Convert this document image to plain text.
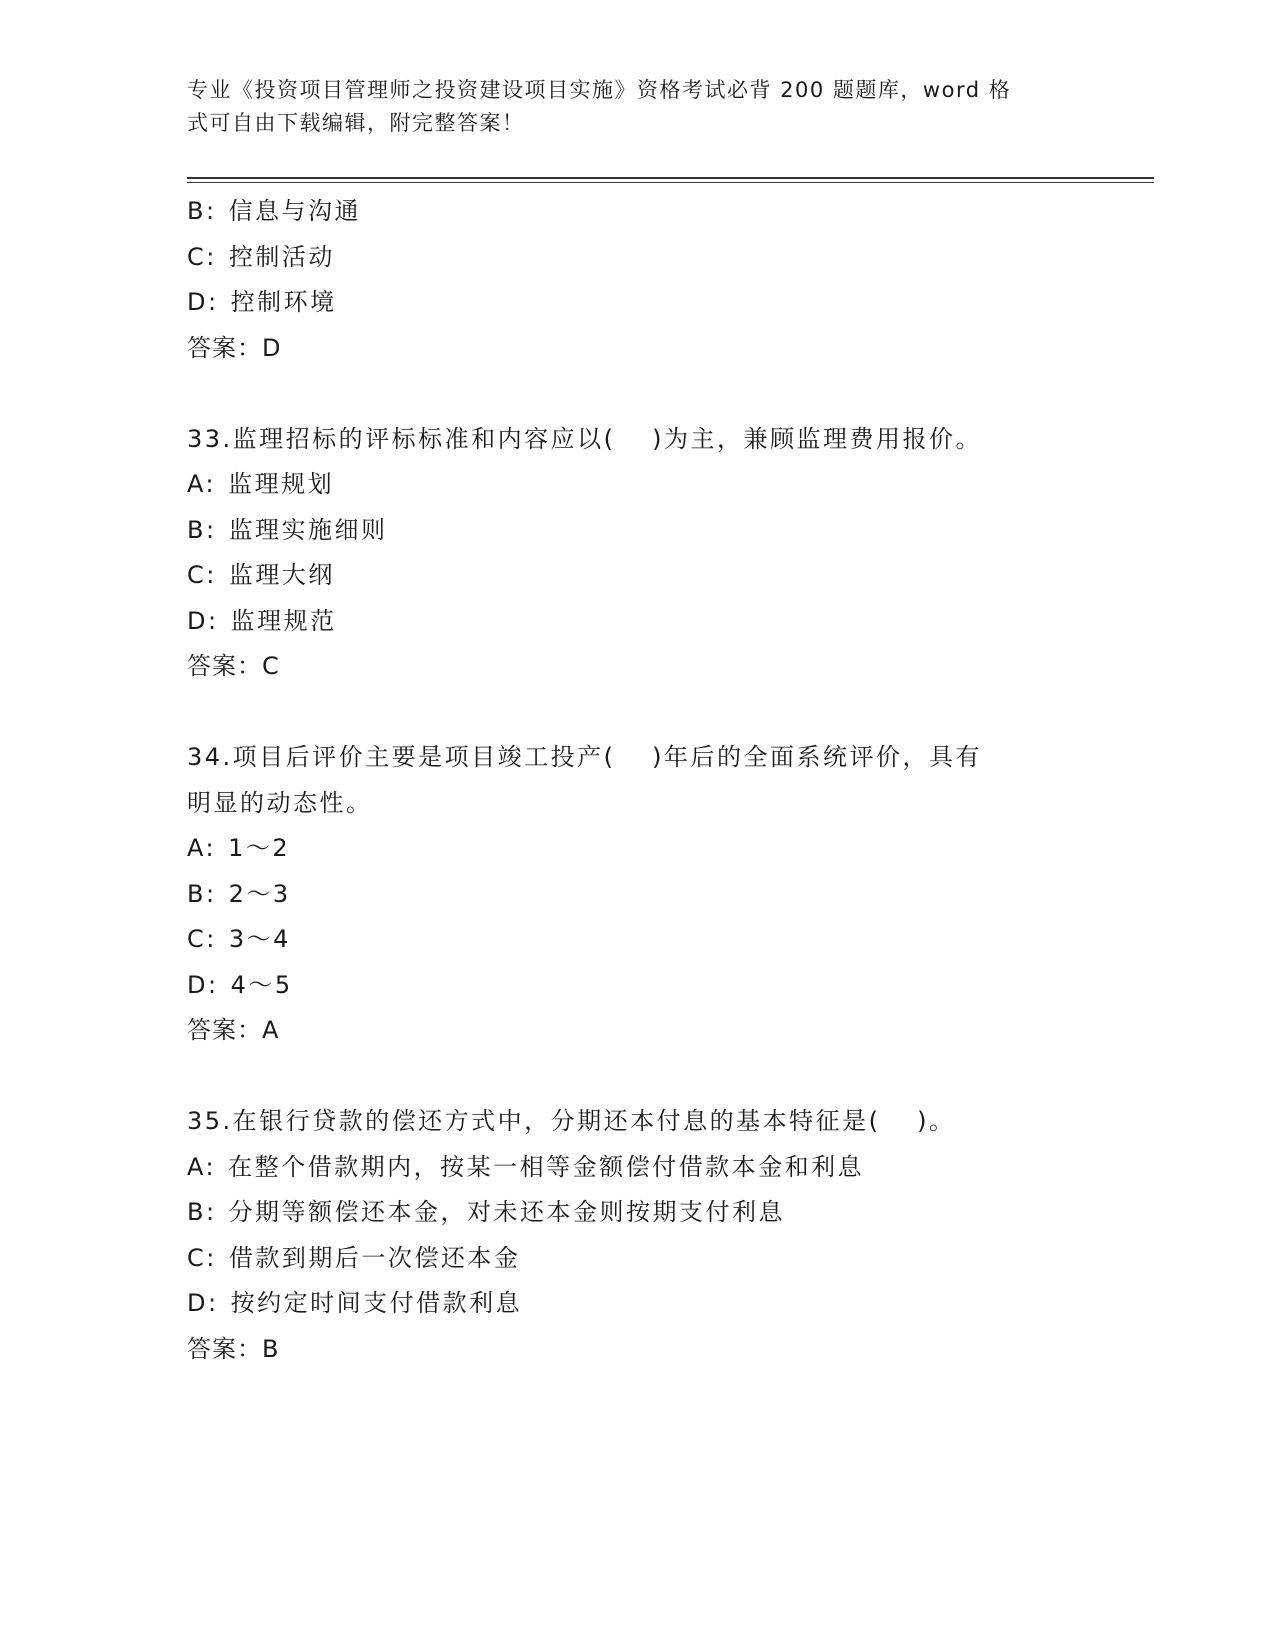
专业《投资项目管理师之投资建设项目实施》资格考试必背 200 题题库，word 格
式可自由下载编辑，附完整答案！
B: 信息与沟通
C: 控制活动
D: 控制环境
答案：D
33.监理招标的评标标准和内容应以(　 )为主，兼顾监理费用报价。
A: 监理规划
B: 监理实施细则
C: 监理大纲
D: 监理规范
答案：C
34.项目后评价主要是项目竣工投产(　 )年后的全面系统评价，具有
明显的动态性。
A: 1～2
B: 2～3
C: 3～4
D: 4～5
答案：A
35.在银行贷款的偿还方式中，分期还本付息的基本特征是(　 )。
A: 在整个借款期内，按某一相等金额偿付借款本金和利息
B: 分期等额偿还本金，对未还本金则按期支付利息
C: 借款到期后一次偿还本金
D: 按约定时间支付借款利息
答案：B
